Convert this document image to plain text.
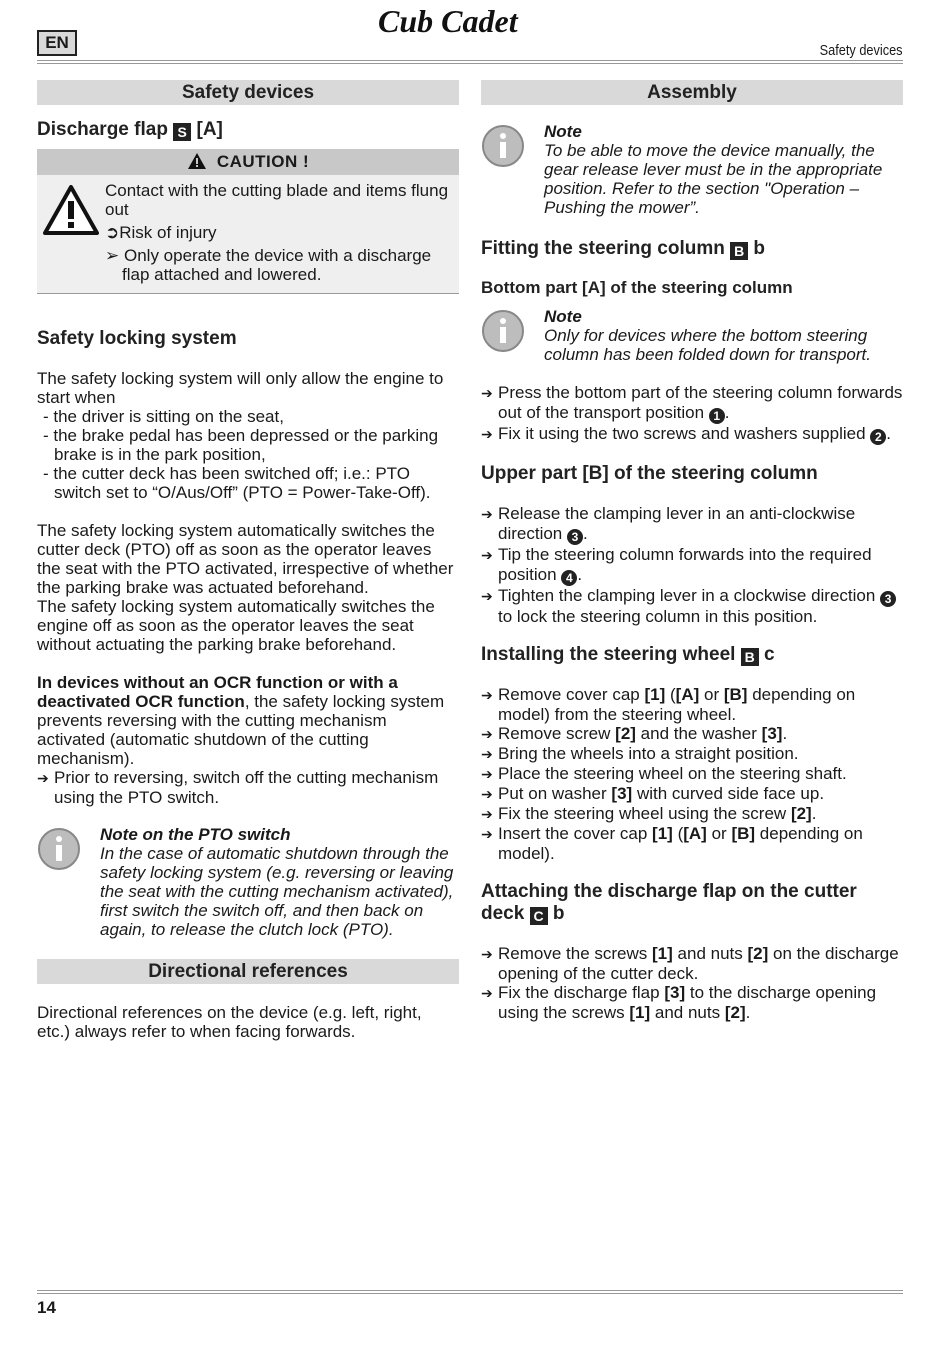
EN
Cub Cadet
Safety devices
Safety devices
Discharge flap S [A]
CAUTION !

Contact with the cutting blade and items flung out

➲Risk of injury

➢ Only operate the device with a discharge flap attached and lowered.

Safety locking system

The safety locking system will only allow the engine to start when

- the driver is sitting on the seat,

- the brake pedal has been depressed or the parking brake is in the park position,

- the cutter deck has been switched off; i.e.: PTO switch set to “O/Aus/Off” (PTO = Power-Take-Off).

The safety locking system automatically switches the cutter deck (PTO) off as soon as the operator leaves the seat with the PTO activated, irrespective of whether the parking brake was actuated beforehand.

The safety locking system automatically switches the engine off as soon as the operator leaves the seat without actuating the parking brake beforehand.

In devices without an OCR function or with a deactivated OCR function, the safety locking system prevents reversing with the cutting mechanism activated (automatic shutdown of the cutting mechanism).

➔ Prior to reversing, switch off the cutting mechanism using the PTO switch.

Note on the PTO switch

In the case of automatic shutdown through the safety locking system (e.g. reversing or leaving the seat with the cutting mechanism activated), first switch the switch off, and then back on again, to release the clutch lock (PTO).

Directional references

Directional references on the device (e.g. left, right, etc.) always refer to when facing forwards.

Assembly

Note

To be able to move the device manually, the gear release lever must be in the appropriate position. Refer to the section "Operation – Pushing the mower”.

Fitting the steering column B b
Bottom part [A] of the steering column

Note

Only for devices where the bottom steering column has been folded down for transport.

➔ Press the bottom part of the steering column forwards out of the transport position 1 .

➔ Fix it using the two screws and washers supplied 2 .

Upper part [B] of the steering column

➔ Release the clamping lever in an anti-clockwise direction 3 .

➔ Tip the steering column forwards into the required position 4 .

➔ Tighten the clamping lever in a clockwise direction 3 to lock the steering column in this position.

Installing the steering wheel B c

➔ Remove cover cap [1] ([A] or [B] depending on model) from the steering wheel.

➔ Remove screw [2] and the washer [3].

➔ Bring the wheels into a straight position.

➔ Place the steering wheel on the steering shaft.

➔ Put on washer [3] with curved side face up.

➔ Fix the steering wheel using the screw [2].

➔ Insert the cover cap [1] ([A] or [B] depending on model).

Attaching the discharge flap on the cutter deck C b

➔ Remove the screws [1] and nuts [2] on the discharge opening of the cutter deck.

➔ Fix the discharge flap [3] to the discharge opening using the screws [1] and nuts [2].

14
